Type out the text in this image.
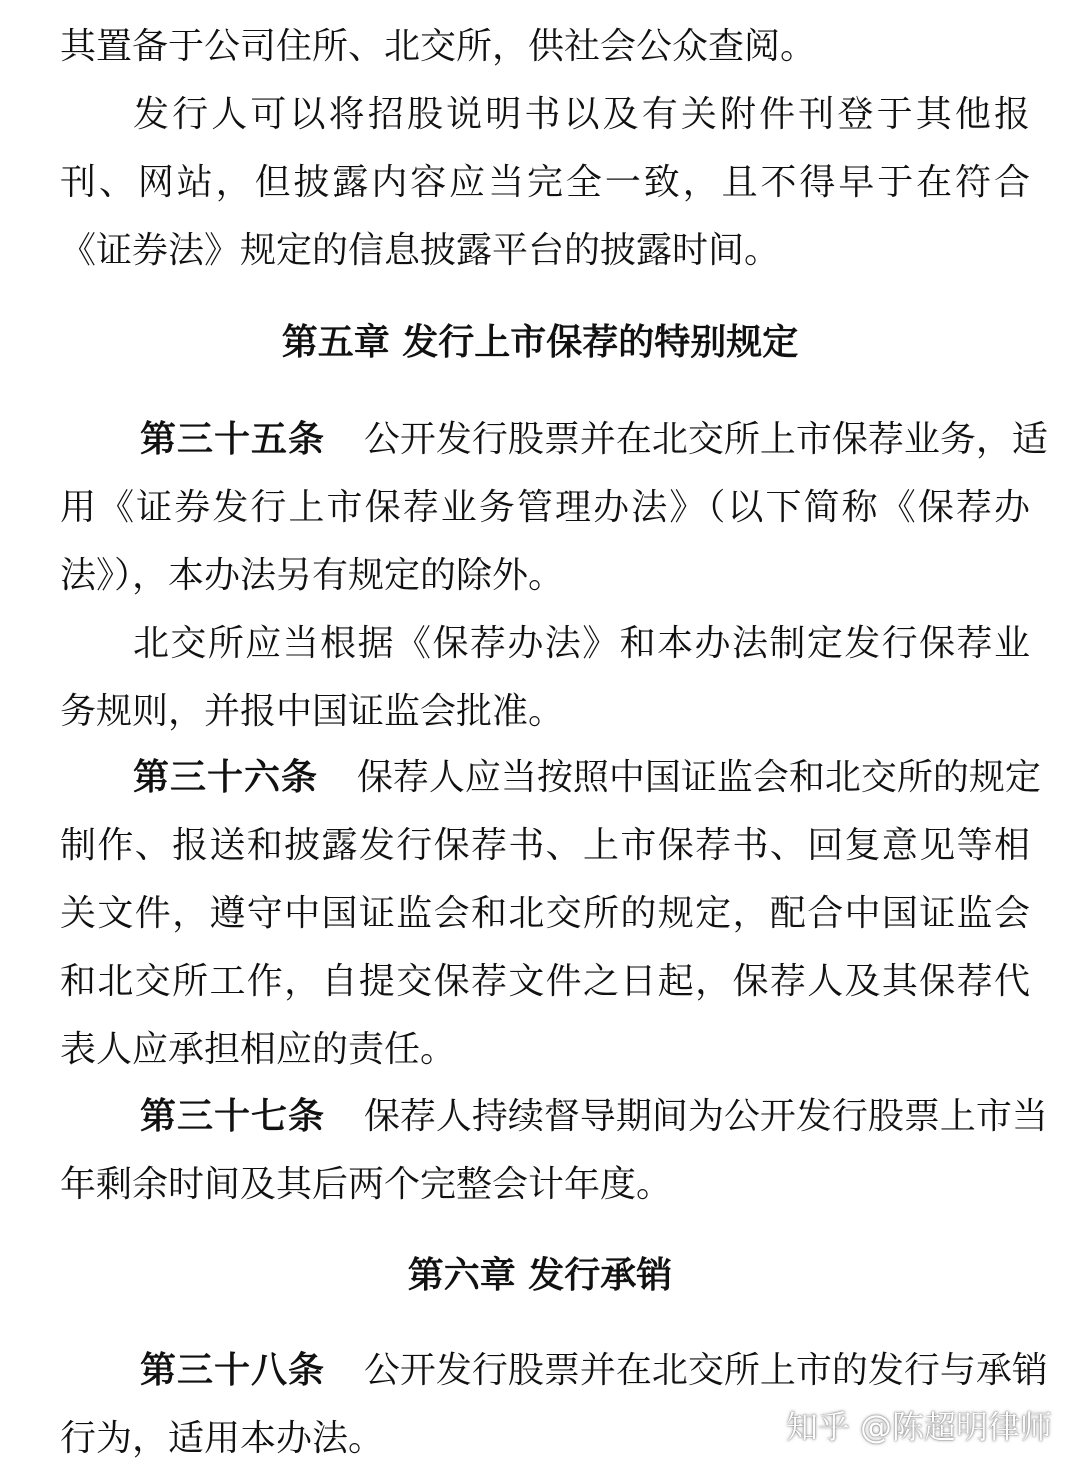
其置备于公司住所、北交所，供社会公众查阅。
发行人可以将招股说明书以及有关附件刊登于其他报
刊、网站，但披露内容应当完全一致，且不得早于在符合
《证券法》规定的信息披露平台的披露时间。
第五章 发行上市保荐的特别规定
第三十五条 公开发行股票并在北交所上市保荐业务，适
用《证券发行上市保荐业务管理办法》（以下简称《保荐办
法》），本办法另有规定的除外。
北交所应当根据《保荐办法》和本办法制定发行保荐业
务规则，并报中国证监会批准。
第三十六条 保荐人应当按照中国证监会和北交所的规定
制作、报送和披露发行保荐书、上市保荐书、回复意见等相
关文件，遵守中国证监会和北交所的规定，配合中国证监会
和北交所工作，自提交保荐文件之日起，保荐人及其保荐代
表人应承担相应的责任。
第三十七条 保荐人持续督导期间为公开发行股票上市当
年剩余时间及其后两个完整会计年度。
第六章 发行承销
第三十八条 公开发行股票并在北交所上市的发行与承销
行为，适用本办法。	知乎 @陈超明律师
